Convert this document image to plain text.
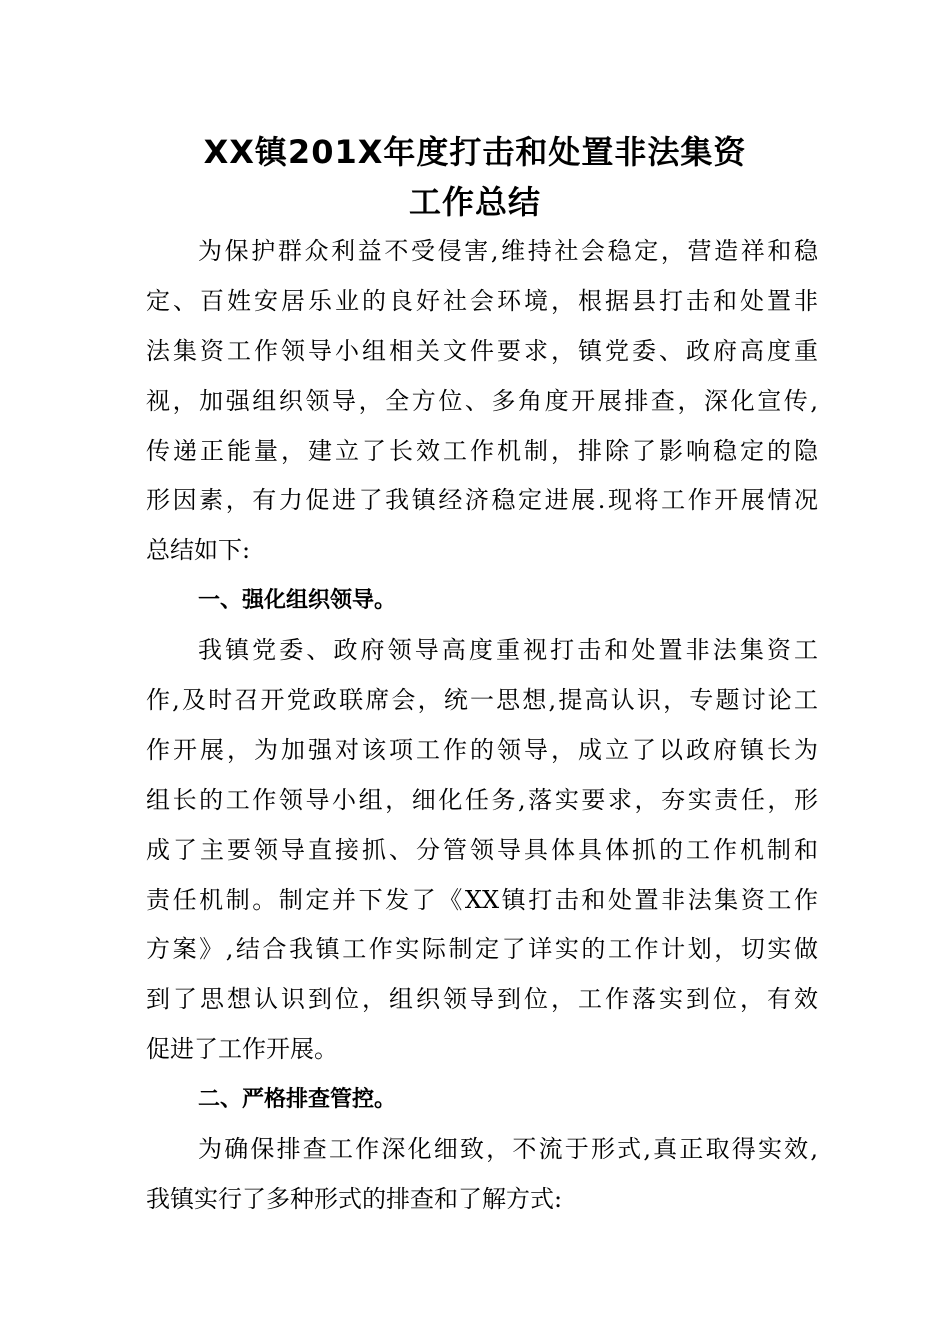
XX镇201X年度打击和处置非法集资
工作总结

为保护群众利益不受侵害,维持社会稳定，营造祥和稳

定、百姓安居乐业的良好社会环境，根据县打击和处置非

法集资工作领导小组相关文件要求，镇党委、政府高度重

视，加强组织领导，全方位、多角度开展排查，深化宣传,

传递正能量，建立了长效工作机制，排除了影响稳定的隐

形因素，有力促进了我镇经济稳定进展.现将工作开展情况

总结如下:

一、强化组织领导。

我镇党委、政府领导高度重视打击和处置非法集资工

作,及时召开党政联席会，统一思想,提高认识，专题讨论工

作开展，为加强对该项工作的领导，成立了以政府镇长为

组长的工作领导小组，细化任务,落实要求，夯实责任，形

成了主要领导直接抓、分管领导具体具体抓的工作机制和

责任机制。制定并下发了《XX镇打击和处置非法集资工作

方案》,结合我镇工作实际制定了详实的工作计划，切实做

到了思想认识到位，组织领导到位，工作落实到位，有效

促进了工作开展。

二、严格排查管控。

为确保排查工作深化细致，不流于形式,真正取得实效,

我镇实行了多种形式的排查和了解方式:
